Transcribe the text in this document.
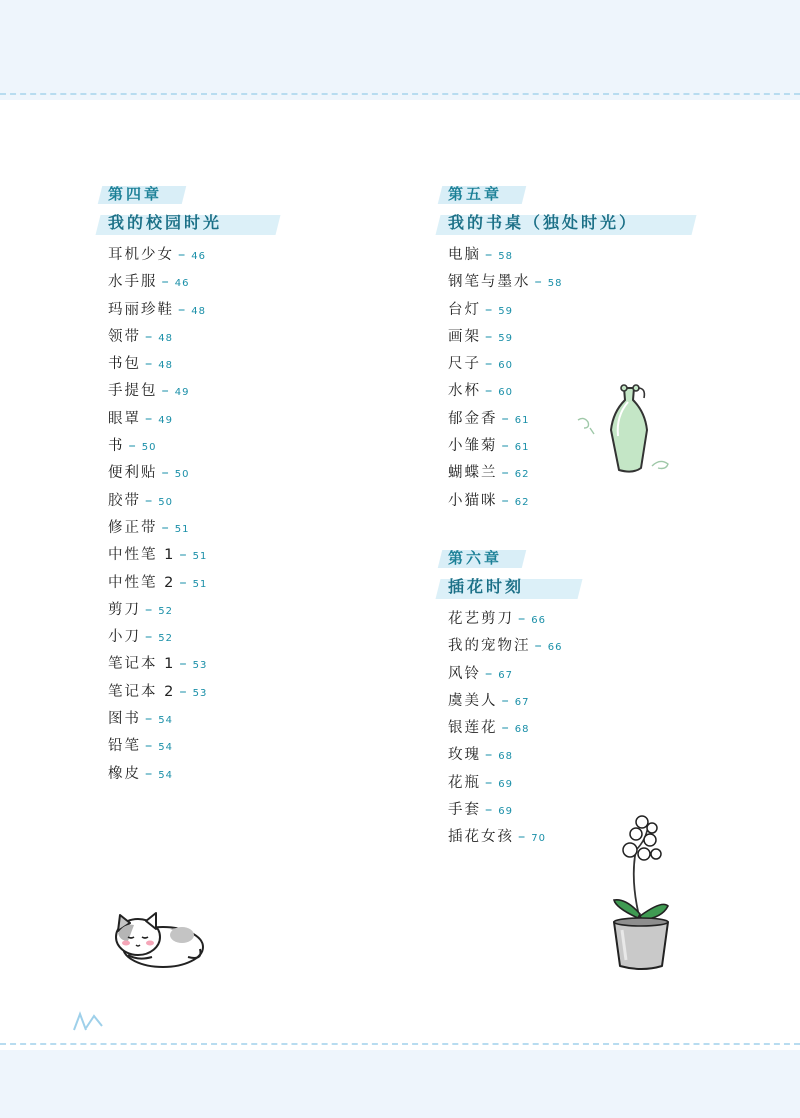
第四章
我的校园时光
耳机少女 – 46
水手服 – 46
玛丽珍鞋 – 48
领带 – 48
书包 – 48
手提包 – 49
眼罩 – 49
书 – 50
便利贴 – 50
胶带 – 50
修正带 – 51
中性笔 1 – 51
中性笔 2 – 51
剪刀 – 52
小刀 – 52
笔记本 1 – 53
笔记本 2 – 53
图书 – 54
铅笔 – 54
橡皮 – 54
第五章
我的书桌（独处时光）
电脑 – 58
钢笔与墨水 – 58
台灯 – 59
画架 – 59
尺子 – 60
水杯 – 60
郁金香 – 61
小雏菊 – 61
蝴蝶兰 – 62
小猫咪 – 62
第六章
插花时刻
花艺剪刀 – 66
我的宠物汪 – 66
风铃 – 67
虞美人 – 67
银莲花 – 68
玫瑰 – 68
花瓶 – 69
手套 – 69
插花女孩 – 70
